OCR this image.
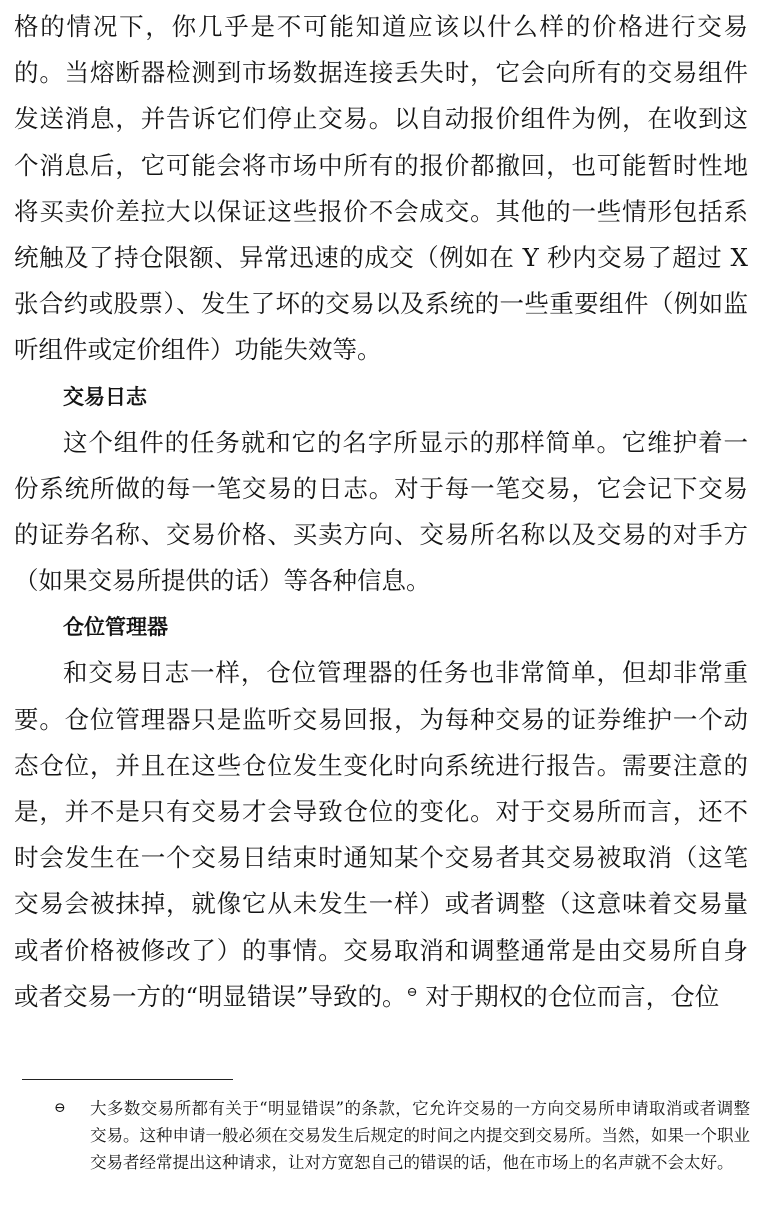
格的情况下，你几乎是不可能知道应该以什么样的价格进行交易的。当熔断器检测到市场数据连接丢失时，它会向所有的交易组件发送消息，并告诉它们停止交易。以自动报价组件为例，在收到这个消息后，它可能会将市场中所有的报价都撤回，也可能暂时性地将买卖价差拉大以保证这些报价不会成交。其他的一些情形包括系统触及了持仓限额、异常迅速的成交（例如在 Y 秒内交易了超过 X 张合约或股票）、发生了坏的交易以及系统的一些重要组件（例如监听组件或定价组件）功能失效等。

交易日志

这个组件的任务就和它的名字所显示的那样简单。它维护着一份系统所做的每一笔交易的日志。对于每一笔交易，它会记下交易的证券名称、交易价格、买卖方向、交易所名称以及交易的对手方（如果交易所提供的话）等各种信息。

仓位管理器

和交易日志一样，仓位管理器的任务也非常简单，但却非常重要。仓位管理器只是监听交易回报，为每种交易的证券维护一个动态仓位，并且在这些仓位发生变化时向系统进行报告。需要注意的是，并不是只有交易才会导致仓位的变化。对于交易所而言，还不时会发生在一个交易日结束时通知某个交易者其交易被取消（这笔交易会被抹掉，就像它从未发生一样）或者调整（这意味着交易量或者价格被修改了）的事情。交易取消和调整通常是由交易所自身或者交易一方的“明显错误”导致的。⊖ 对于期权的仓位而言，仓位

⊖ 大多数交易所都有关于“明显错误”的条款，它允许交易的一方向交易所申请取消或者调整交易。这种申请一般必须在交易发生后规定的时间之内提交到交易所。当然，如果一个职业交易者经常提出这种请求，让对方宽恕自己的错误的话，他在市场上的名声就不会太好。
